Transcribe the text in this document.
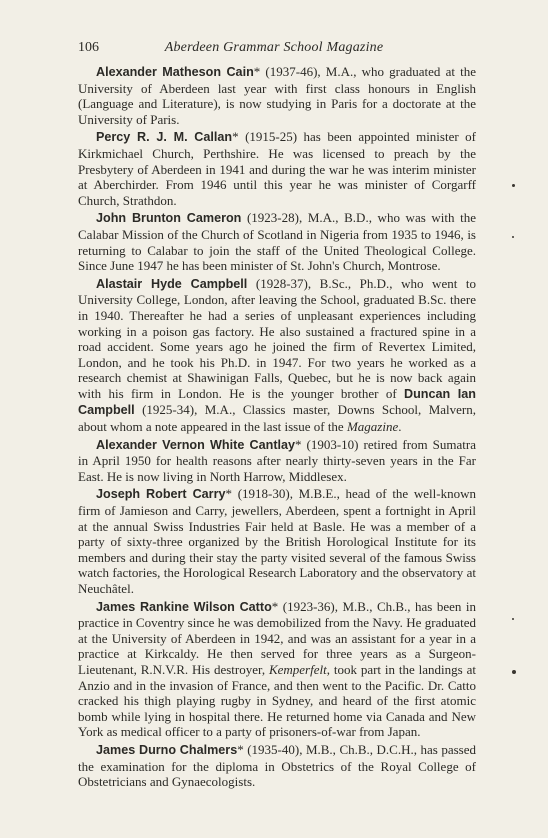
106	Aberdeen Grammar School Magazine

Alexander Matheson Cain* (1937-46), M.A., who graduated at the University of Aberdeen last year with first class honours in English (Language and Literature), is now studying in Paris for a doctorate at the University of Paris.

Percy R. J. M. Callan* (1915-25) has been appointed minister of Kirkmichael Church, Perthshire. He was licensed to preach by the Presbytery of Aberdeen in 1941 and during the war he was interim minister at Aberchirder. From 1946 until this year he was minister of Corgarff Church, Strathdon.

John Brunton Cameron (1923-28), M.A., B.D., who was with the Calabar Mission of the Church of Scotland in Nigeria from 1935 to 1946, is returning to Calabar to join the staff of the United Theological College. Since June 1947 he has been minister of St. John's Church, Montrose.

Alastair Hyde Campbell (1928-37), B.Sc., Ph.D., who went to University College, London, after leaving the School, graduated B.Sc. there in 1940. Thereafter he had a series of unpleasant experiences including working in a poison gas factory. He also sustained a fractured spine in a road accident. Some years ago he joined the firm of Revertex Limited, London, and he took his Ph.D. in 1947. For two years he worked as a research chemist at Shawinigan Falls, Quebec, but he is now back again with his firm in London. He is the younger brother of Duncan Ian Campbell (1925-34), M.A., Classics master, Downs School, Malvern, about whom a note appeared in the last issue of the Magazine.

Alexander Vernon White Cantlay* (1903-10) retired from Sumatra in April 1950 for health reasons after nearly thirty-seven years in the Far East. He is now living in North Harrow, Middlesex.

Joseph Robert Carry* (1918-30), M.B.E., head of the well-known firm of Jamieson and Carry, jewellers, Aberdeen, spent a fortnight in April at the annual Swiss Industries Fair held at Basle. He was a member of a party of sixty-three organized by the British Horological Institute for its members and during their stay the party visited several of the famous Swiss watch factories, the Horological Research Laboratory and the observatory at Neuchâtel.

James Rankine Wilson Catto* (1923-36), M.B., Ch.B., has been in practice in Coventry since he was demobilized from the Navy. He graduated at the University of Aberdeen in 1942, and was an assistant for a year in a practice at Kirkcaldy. He then served for three years as a Surgeon-Lieutenant, R.N.V.R. His destroyer, Kemperfelt, took part in the landings at Anzio and in the invasion of France, and then went to the Pacific. Dr. Catto cracked his thigh playing rugby in Sydney, and heard of the first atomic bomb while lying in hospital there. He returned home via Canada and New York as medical officer to a party of prisoners-of-war from Japan.

James Durno Chalmers* (1935-40), M.B., Ch.B., D.C.H., has passed the examination for the diploma in Obstetrics of the Royal College of Obstetricians and Gynaecologists.
